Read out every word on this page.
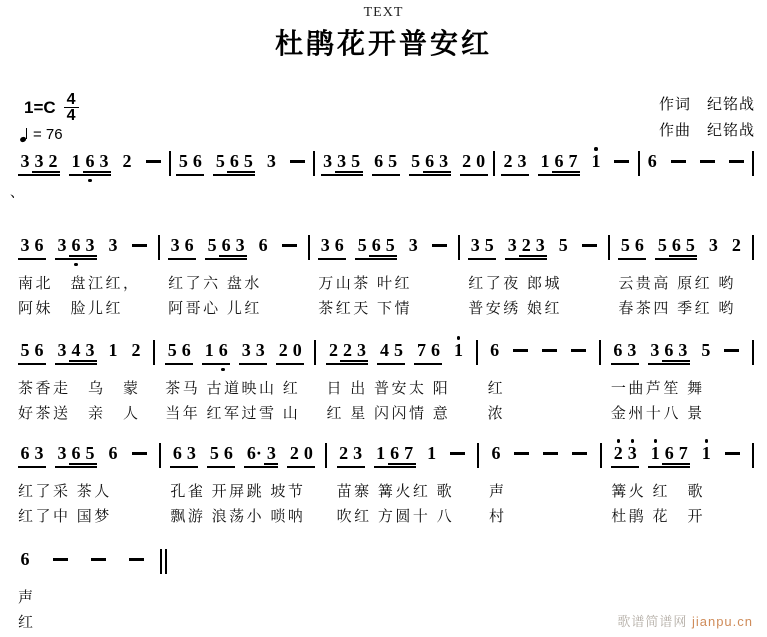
TEXT
杜鹃花开普安红
$1=C \frac{4}{4}$
= 76
作词　纪铭战
作曲　纪铭战
3 3 2 1 6 3 2	5 6 5 6 5 3	3 3 5 6 5 5 6 3 2 0 2 3 1 6 7 1	6
3 6 3 6 3 3
南北　盘江红，
阿妹　脸儿红
3 6 5 6 3 6
红了六 盘水
阿哥心 儿红
3 6 5 6 5 3
万山茶 叶红
茶红天 下情
3 5 3 2 3 5
红了夜 郎城
普安绣 娘红
5 6 5 6 5 3 2
云贵高 原红 哟
春茶四 季红 哟
5 6 3 4 3 1 2
茶香走　乌　蒙
好茶送　亲　人
5 6 1 6 3 3 2 0
茶马 古道映山 红
当年 红军过雪 山
2 2 3 4 5 7 6 1
日 出 普安太 阳
红 星 闪闪情 意
6
红
浓
6 3 3 6 3 5
一曲芦笙 舞
金州十八 景
6 3 3 6 5 6
红了采 茶人
红了中 国梦
6 3 5 6 6· 3 2 0
孔雀 开屏跳 坡节
飘游 浪荡小 唢呐
2 3 1 6 7 1
苗寨 篝火红 歌
吹红 方圆十 八
6
声
村
2 3 1 6 7 1
篝火 红　歌
杜鹃 花　开
6
声
红
、
歌谱简谱网 jianpu.cn
